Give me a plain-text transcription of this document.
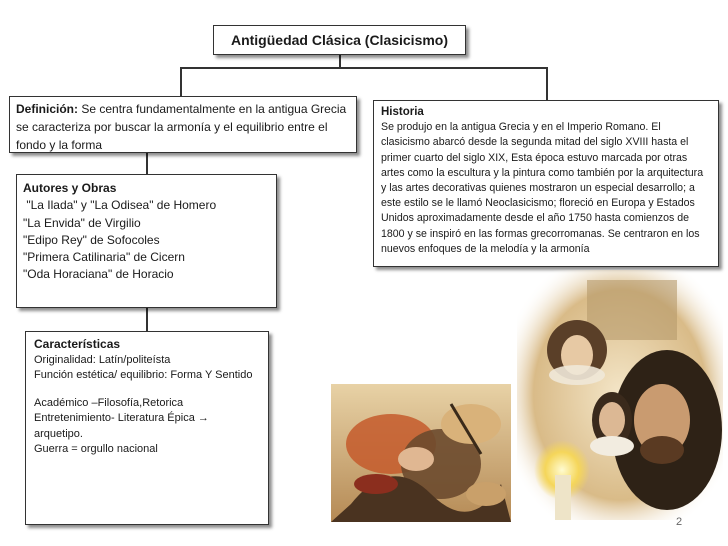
Antigüedad Clásica (Clasicismo)
Definición: Se centra fundamentalmente en la antigua Grecia se caracteriza por buscar la armonía y el equilibrio entre el fondo y la forma
Historia
Se produjo en la antigua Grecia y en el Imperio Romano. El clasicismo abarcó desde la segunda mitad del siglo XVIII hasta el primer cuarto del siglo XIX, Esta época estuvo marcada por otras artes como la escultura y la pintura como también por la arquitectura y las artes decorativas quienes mostraron un especial desarrollo; a este estilo se le llamó Neoclasicismo; floreció en Europa y Estados Unidos aproximadamente desde el año 1750 hasta comienzos de 1800 y se inspiró en las formas grecorromanas. Se centraron en los nuevos enfoques de la melodía y la armonía
Autores y Obras
"La Ilada" y "La Odisea" de Homero
"La Envida" de Virgilio
"Edipo Rey" de Sofocoles
"Primera Catilinaria" de Cicern
"Oda Horaciana" de Horacio
Características
Originalidad: Latín/politeísta
Función estética/ equilibrio: Forma Y Sentido
Académico –Filosofía,Retorica
Entretenimiento- Literatura Épica → arquetipo.
Guerra = orgullo nacional
2
